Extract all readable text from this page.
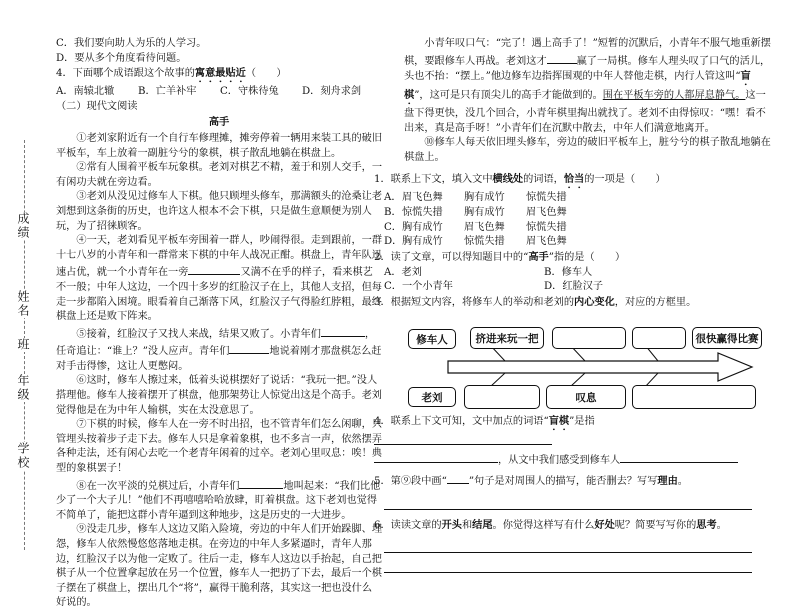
成绩
姓名
班
年级
学校

C．我们要向助人为乐的人学习。

D．要从多个角度看待问题。

4．下面哪个成语跟这个故事的寓意最贴近（　　）

A．南辕北辙	B．亡羊补牢	C．守株待兔	D．刻舟求剑

（二）现代文阅读

高手

①老刘家附近有一个自行车修理摊，摊旁停着一辆用来装工具的破旧平板车，车上放着一副脏兮兮的象棋，棋子散乱地躺在棋盘上。

②常有人围着平板车玩象棋。老刘对棋艺不精，羞于和别人交手，一有闲功夫就在旁边看。

③老刘从没见过修车人下棋。他只顾埋头修车，那满额头的沧桑让老刘想到这条街的历史，也许这人根本不会下棋，只是做生意顺便为别人玩，为了招徕顾客。

④一天，老刘看见平板车旁围着一群人，吵闹得很。走到跟前，一群十七八岁的小青年和一群常来下棋的中年人战况正酣。棋盘上，青年队迅速占优，就一个小青年在一旁	又满不在乎的样子，看来棋艺不一般；中年人这边，一个四十多岁的红脸汉子在上，其他人支招，但每走一步都陷入困境。眼看着自己渐落下风，红脸汉子气得脸红脖粗，最终棋盘上还是败下阵来。

⑤接着，红脸汉子又找人来战，结果又败了。小青年们	，任奇追让：“谁上？”没人应声。青年们	地说着刚才那盘棋怎么赶对手击得惨，这让人更憋闷。

⑥这时，修车人擦过来，低着头说棋摆好了说话：“我玩一把。”没人搭理他。修车人接着摆开了棋盘，他那架势让人惊觉出这是个高手。老刘觉得他是在为中年人输棋，实在太没意思了。

⑦下棋的时候，修车人在一旁不时出招，也不管青年们怎么闲聊，只管埋头按着步子走下去。修车人只是拿着象棋，也不多言一声，依然摆弄各种走法，还有闲心去吃一个老青年闲着的过卒。老刘心里叹息：唉！典型的象棋罢子！

⑧在一次平淡的兑棋过后，小青年们	地叫起来：“我们比他少了一个大子儿！”他们不再嘻嘻哈哈放肆，盯着棋盘。这下老刘也觉得不简单了，能把这群小青年逼到这种地步，这是历史的一大进步。

⑨没走几步，修车人这边又陷入险境，旁边的中年人们开始跺脚、埋怨，修车人依然慢悠悠落地走棋。在旁边的中年人多紧逼时，青年人那边，红脸汉子以为他一定败了。往后一走，修车人这边以手抬起，自己把棋子从一个位置拿起放在另一个位置，修车人一把扔了下去，最后一个棋子摆在了棋盘上，摆出几个“将”，赢得干脆利落，其实这一把也没什么好说的。

小青年叹口气：“完了！遇上高手了！”短暂的沉默后，小青年不服气地重新摆棋，要跟修车人再战。老刘这才	赢了一局棋。修车人理头叹了口气的活儿，头也不抬：“摆上。”他边修车边指挥围观的中年人替他走棋，内行人管这叫“盲棋”，这可是只有顶尖儿的高手才能做到的。围在平板车旁的人都屏息静气。这一盘下得更快，没几个回合，小青年棋里掏出就找了。老刘不由得惊叹：“嘿！看不出来，真是高手呀！”小青年们在沉默中散去，中年人们满意地离开。

⑩修车人每天依旧埋头修车，旁边的破旧平板车上，脏兮兮的棋子散乱地躺在棋盘上。

1．联系上下文，填入文中横线处的词语，恰当的一项是（　　）

A． 眉飞色舞	胸有成竹	惊慌失措
B． 惊慌失措	胸有成竹	眉飞色舞
C． 胸有成竹	眉飞色舞	惊慌失措
D． 胸有成竹	惊慌失措	眉飞色舞

2．读了文章，可以得知题目中的“高手”指的是（　　）

A．老刘	B．修车人

C．一个小青年	D．红脸汉子

3．根据短文内容，将修车人的举动和老刘的内心变化，对应的方框里。

修车人	挤进来玩一把	很快赢得比赛
老刘	叹息

4．联系上下文可知，文中加点的词语“盲棋”是指

，从文中我们感受到修车人

5．第⑨段中画“ ”句子是对周围人的描写，能否删去？写写理由。

6．读读文章的开头和结尾。你觉得这样写有什么好处呢？简要写写你的思考。
